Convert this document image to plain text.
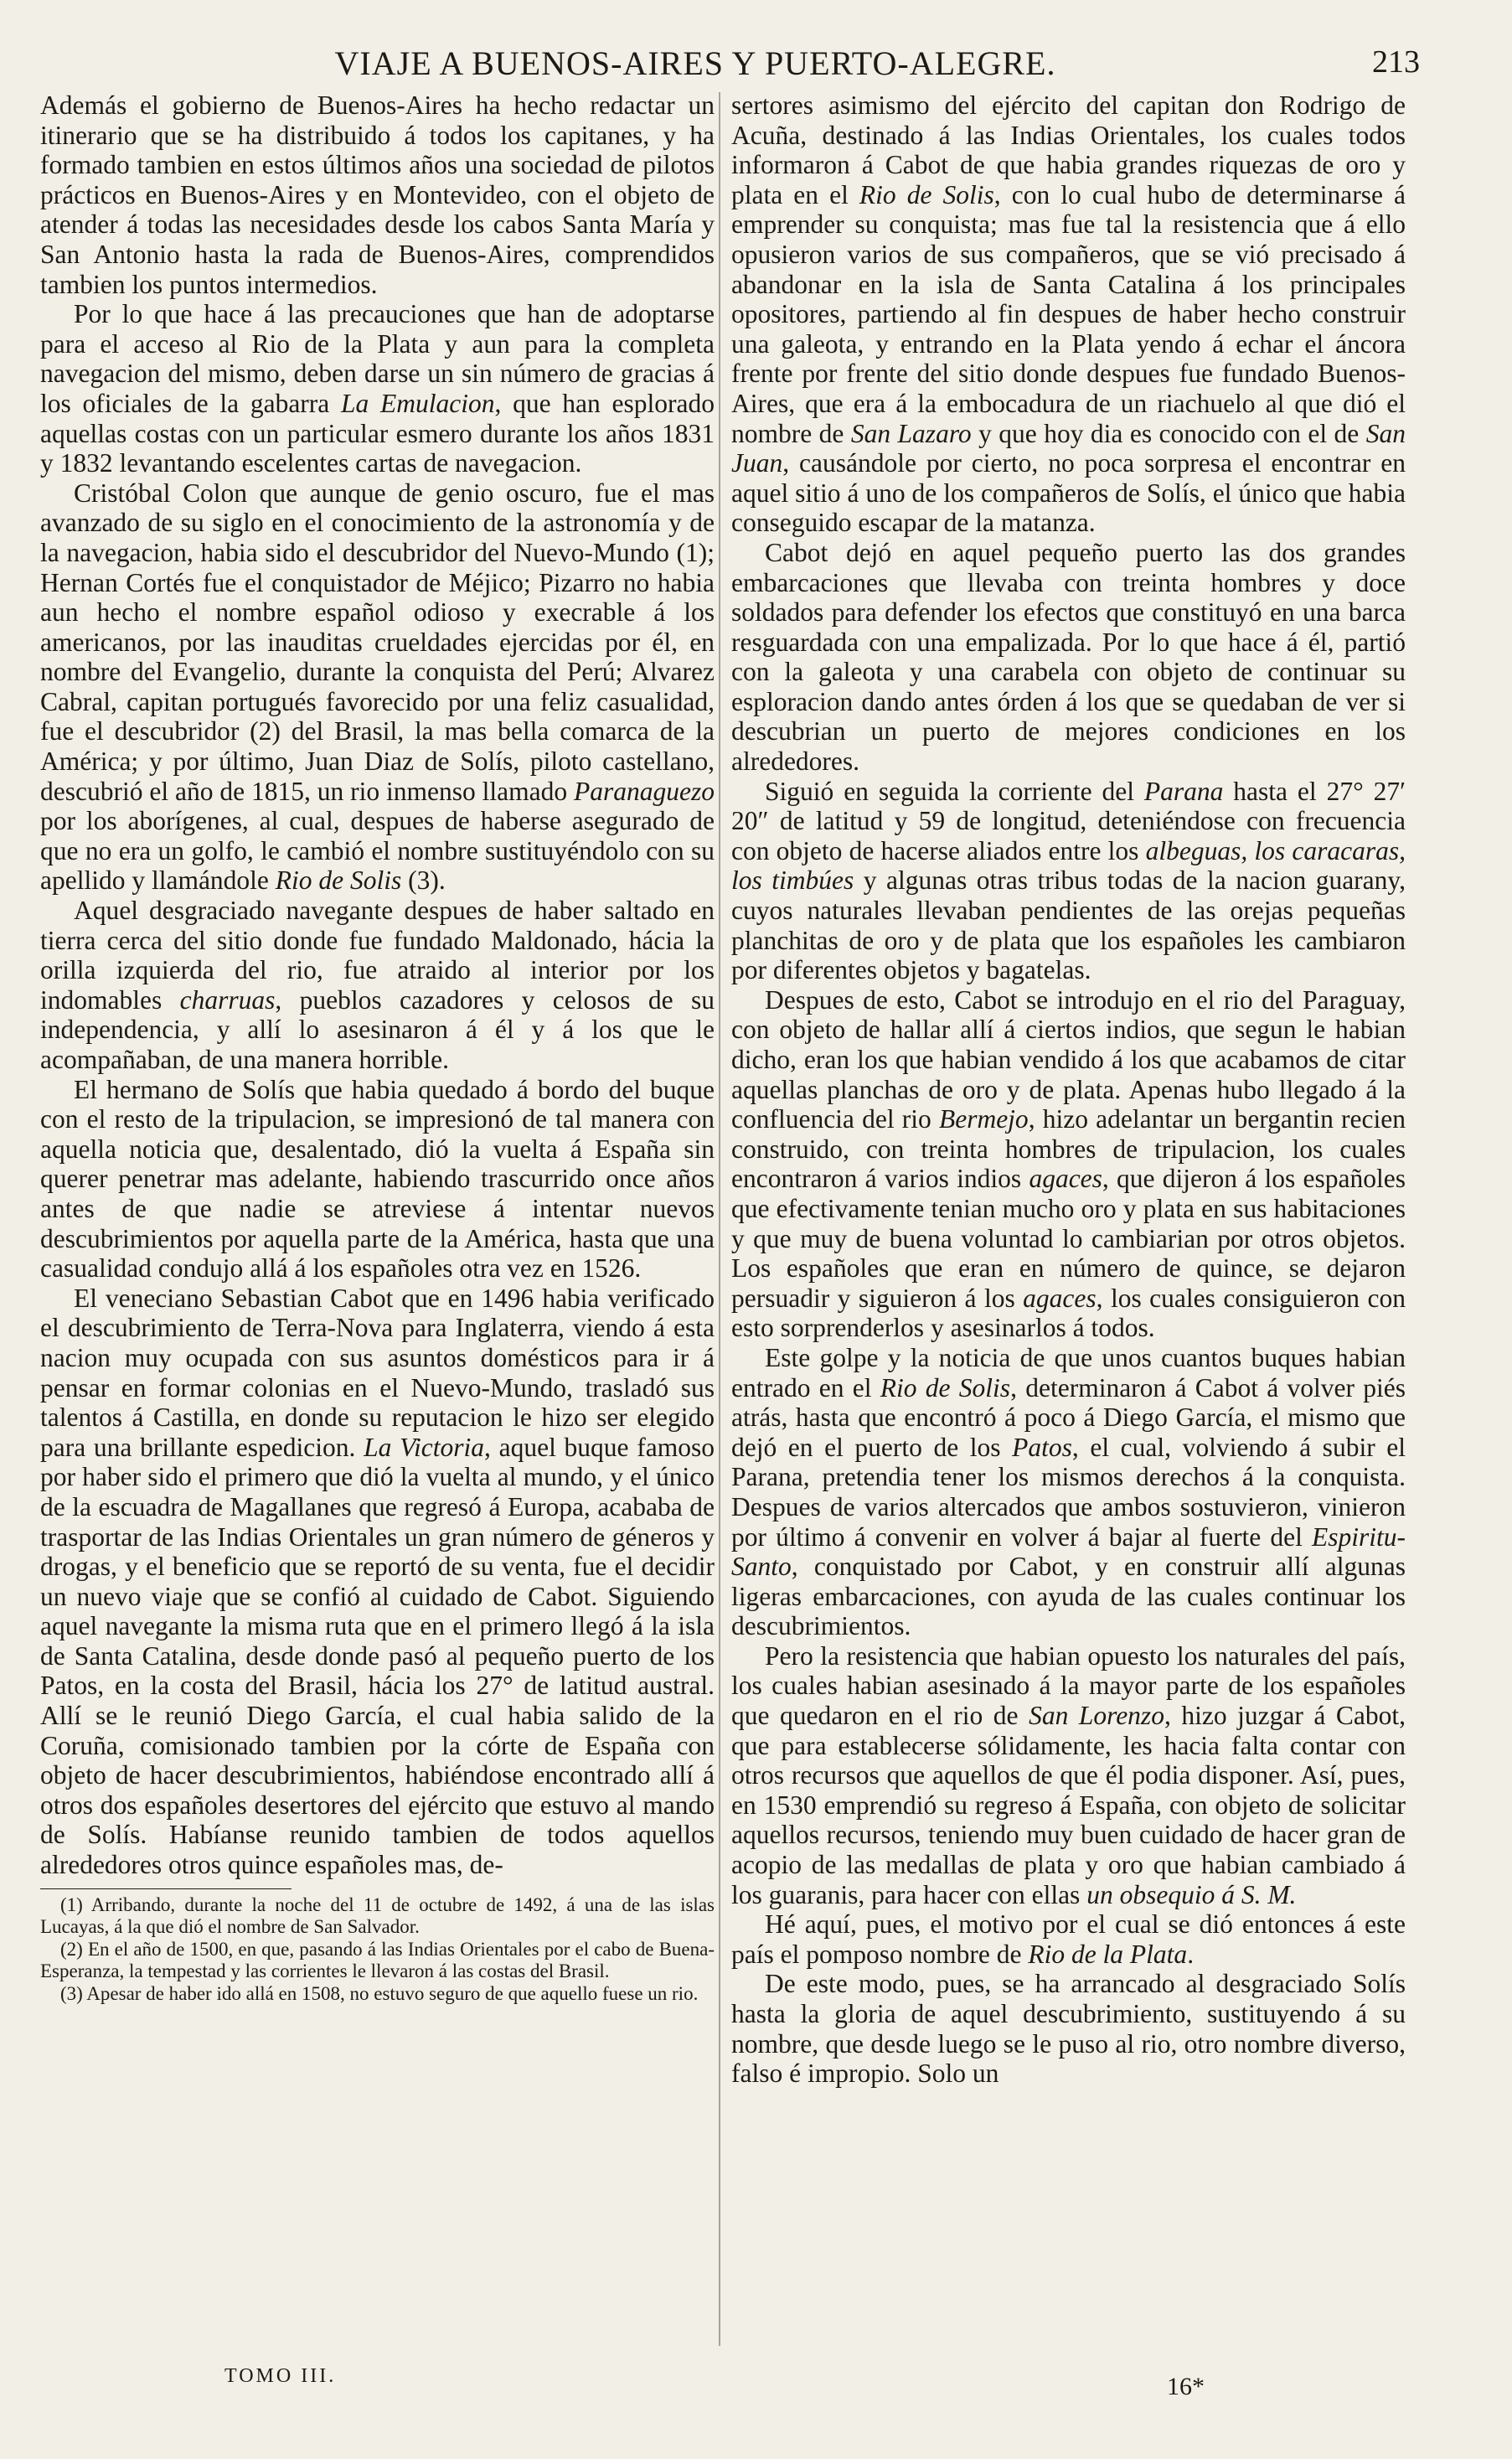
VIAJE A BUENOS-AIRES Y PUERTO-ALEGRE.	213

Además el gobierno de Buenos-Aires ha hecho redactar un itinerario que se ha distribuido á todos los capitanes, y ha formado tambien en estos últimos años una sociedad de pilotos prácticos en Buenos-Aires y en Montevideo, con el objeto de atender á todas las necesidades desde los cabos Santa María y San Antonio hasta la rada de Buenos-Aires, comprendidos tambien los puntos intermedios.

Por lo que hace á las precauciones que han de adoptarse para el acceso al Rio de la Plata y aun para la completa navegacion del mismo, deben darse un sin número de gracias á los oficiales de la gabarra La Emulacion, que han esplorado aquellas costas con un particular esmero durante los años 1831 y 1832 levantando escelentes cartas de navegacion.

Cristóbal Colon que aunque de genio oscuro, fue el mas avanzado de su siglo en el conocimiento de la astronomía y de la navegacion, habia sido el descubridor del Nuevo-Mundo (1); Hernan Cortés fue el conquistador de Méjico; Pizarro no habia aun hecho el nombre español odioso y execrable á los americanos, por las inauditas crueldades ejercidas por él, en nombre del Evangelio, durante la conquista del Perú; Alvarez Cabral, capitan portugués favorecido por una feliz casualidad, fue el descubridor (2) del Brasil, la mas bella comarca de la América; y por último, Juan Diaz de Solís, piloto castellano, descubrió el año de 1815, un rio inmenso llamado Paranaguezo por los aborígenes, al cual, despues de haberse asegurado de que no era un golfo, le cambió el nombre sustituyéndolo con su apellido y llamándole Rio de Solis (3).

Aquel desgraciado navegante despues de haber saltado en tierra cerca del sitio donde fue fundado Maldonado, hácia la orilla izquierda del rio, fue atraido al interior por los indomables charruas, pueblos cazadores y celosos de su independencia, y allí lo asesinaron á él y á los que le acompañaban, de una manera horrible.

El hermano de Solís que habia quedado á bordo del buque con el resto de la tripulacion, se impresionó de tal manera con aquella noticia que, desalentado, dió la vuelta á España sin querer penetrar mas adelante, habiendo trascurrido once años antes de que nadie se atreviese á intentar nuevos descubrimientos por aquella parte de la América, hasta que una casualidad condujo allá á los españoles otra vez en 1526.

El veneciano Sebastian Cabot que en 1496 habia verificado el descubrimiento de Terra-Nova para Inglaterra, viendo á esta nacion muy ocupada con sus asuntos domésticos para ir á pensar en formar colonias en el Nuevo-Mundo, trasladó sus talentos á Castilla, en donde su reputacion le hizo ser elegido para una brillante espedicion. La Victoria, aquel buque famoso por haber sido el primero que dió la vuelta al mundo, y el único de la escuadra de Magallanes que regresó á Europa, acababa de trasportar de las Indias Orientales un gran número de géneros y drogas, y el beneficio que se reportó de su venta, fue el decidir un nuevo viaje que se confió al cuidado de Cabot. Siguiendo aquel navegante la misma ruta que en el primero llegó á la isla de Santa Catalina, desde donde pasó al pequeño puerto de los Patos, en la costa del Brasil, hácia los 27° de latitud austral. Allí se le reunió Diego García, el cual habia salido de la Coruña, comisionado tambien por la córte de España con objeto de hacer descubrimientos, habiéndose encontrado allí á otros dos españoles desertores del ejército que estuvo al mando de Solís. Habíanse reunido tambien de todos aquellos alrededores otros quince españoles mas, de-

(1) Arribando, durante la noche del 11 de octubre de 1492, á una de las islas Lucayas, á la que dió el nombre de San Salvador.

(2) En el año de 1500, en que, pasando á las Indias Orientales por el cabo de Buena-Esperanza, la tempestad y las corrientes le llevaron á las costas del Brasil.

(3) Apesar de haber ido allá en 1508, no estuvo seguro de que aquello fuese un rio.

sertores asimismo del ejército del capitan don Rodrigo de Acuña, destinado á las Indias Orientales, los cuales todos informaron á Cabot de que habia grandes riquezas de oro y plata en el Rio de Solis, con lo cual hubo de determinarse á emprender su conquista; mas fue tal la resistencia que á ello opusieron varios de sus compañeros, que se vió precisado á abandonar en la isla de Santa Catalina á los principales opositores, partiendo al fin despues de haber hecho construir una galeota, y entrando en la Plata yendo á echar el áncora frente por frente del sitio donde despues fue fundado Buenos-Aires, que era á la embocadura de un riachuelo al que dió el nombre de San Lazaro y que hoy dia es conocido con el de San Juan, causándole por cierto, no poca sorpresa el encontrar en aquel sitio á uno de los compañeros de Solís, el único que habia conseguido escapar de la matanza.

Cabot dejó en aquel pequeño puerto las dos grandes embarcaciones que llevaba con treinta hombres y doce soldados para defender los efectos que constituyó en una barca resguardada con una empalizada. Por lo que hace á él, partió con la galeota y una carabela con objeto de continuar su esploracion dando antes órden á los que se quedaban de ver si descubrian un puerto de mejores condiciones en los alrededores.

Siguió en seguida la corriente del Parana hasta el 27° 27′ 20″ de latitud y 59 de longitud, deteniéndose con frecuencia con objeto de hacerse aliados entre los albeguas, los caracaras, los timbúes y algunas otras tribus todas de la nacion guarany, cuyos naturales llevaban pendientes de las orejas pequeñas planchitas de oro y de plata que los españoles les cambiaron por diferentes objetos y bagatelas.

Despues de esto, Cabot se introdujo en el rio del Paraguay, con objeto de hallar allí á ciertos indios, que segun le habian dicho, eran los que habian vendido á los que acabamos de citar aquellas planchas de oro y de plata. Apenas hubo llegado á la confluencia del rio Bermejo, hizo adelantar un bergantin recien construido, con treinta hombres de tripulacion, los cuales encontraron á varios indios agaces, que dijeron á los españoles que efectivamente tenian mucho oro y plata en sus habitaciones y que muy de buena voluntad lo cambiarian por otros objetos. Los españoles que eran en número de quince, se dejaron persuadir y siguieron á los agaces, los cuales consiguieron con esto sorprenderlos y asesinarlos á todos.

Este golpe y la noticia de que unos cuantos buques habian entrado en el Rio de Solis, determinaron á Cabot á volver piés atrás, hasta que encontró á poco á Diego García, el mismo que dejó en el puerto de los Patos, el cual, volviendo á subir el Parana, pretendia tener los mismos derechos á la conquista. Despues de varios altercados que ambos sostuvieron, vinieron por último á convenir en volver á bajar al fuerte del Espiritu-Santo, conquistado por Cabot, y en construir allí algunas ligeras embarcaciones, con ayuda de las cuales continuar los descubrimientos.

Pero la resistencia que habian opuesto los naturales del país, los cuales habian asesinado á la mayor parte de los españoles que quedaron en el rio de San Lorenzo, hizo juzgar á Cabot, que para establecerse sólidamente, les hacia falta contar con otros recursos que aquellos de que él podia disponer. Así, pues, en 1530 emprendió su regreso á España, con objeto de solicitar aquellos recursos, teniendo muy buen cuidado de hacer gran de acopio de las medallas de plata y oro que habian cambiado á los guaranis, para hacer con ellas un obsequio á S. M.

Hé aquí, pues, el motivo por el cual se dió entonces á este país el pomposo nombre de Rio de la Plata.

De este modo, pues, se ha arrancado al desgraciado Solís hasta la gloria de aquel descubrimiento, sustituyendo á su nombre, que desde luego se le puso al rio, otro nombre diverso, falso é impropio. Solo un

TOMO III.	16*
